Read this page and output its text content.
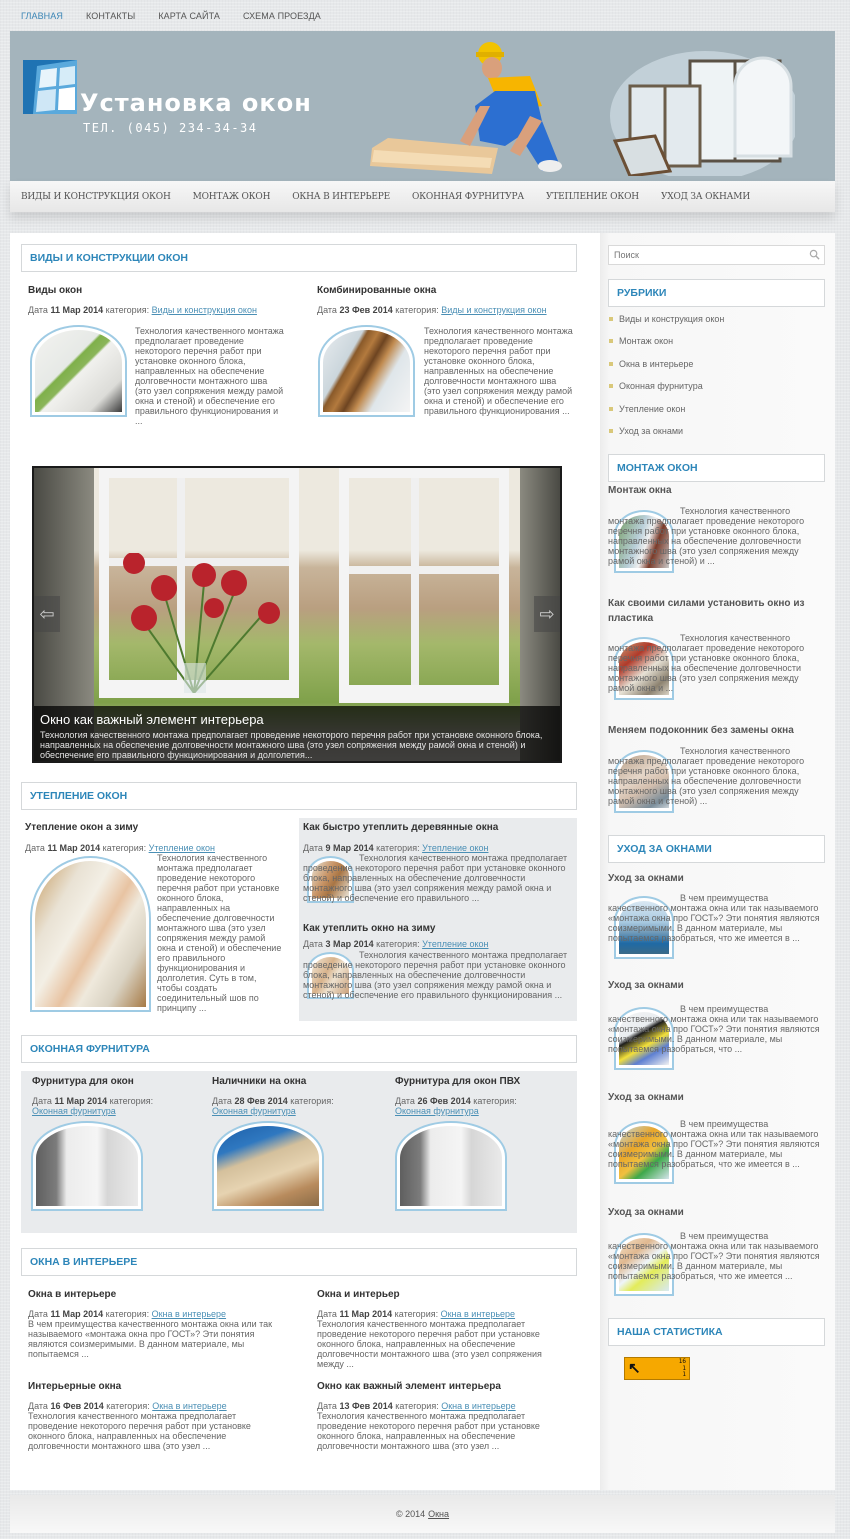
ГЛАВНАЯ	КОНТАКТЫ	КАРТА САЙТА	СХЕМА ПРОЕЗДА
Установка окон
ТЕЛ. (045) 234-34-34
ВИДЫ И КОНСТРУКЦИЯ ОКОН МОНТАЖ ОКОН ОКНА В ИНТЕРЬЕРЕ ОКОННАЯ ФУРНИТУРА УТЕПЛЕНИЕ ОКОН УХОД ЗА ОКНАМИ
ВИДЫ И КОНСТРУКЦИИ ОКОН
Виды окон
Дата 11 Мар 2014 категория: Виды и конструкция окон
Технология качественного монтажа предполагает проведение некоторого перечня работ при установке оконного блока, направленных на обеспечение долговечности монтажного шва (это узел сопряжения между рамой окна и стеной) и обеспечение его правильного функционирования и ...
Комбинированные окна
Дата 23 Фев 2014 категория: Виды и конструкция окон
Технология качественного монтажа предполагает проведение некоторого перечня работ при установке оконного блока, направленных на обеспечение долговечности монтажного шва (это узел сопряжения между рамой окна и стеной) и обеспечение его правильного функционирования ...
⇦	⇨
Окно как важный элемент интерьера
Технология качественного монтажа предполагает проведение некоторого перечня работ при установке оконного блока, направленных на обеспечение долговечности монтажного шва (это узел сопряжения между рамой окна и стеной) и обеспечение его правильного функционирования и долголетия...
УТЕПЛЕНИЕ ОКОН
Утепление окон а зиму
Дата 11 Мар 2014 категория: Утепление окон
Технология качественного монтажа предполагает проведение некоторого перечня работ при установке оконного блока, направленных на обеспечение долговечности монтажного шва (это узел сопряжения между рамой окна и стеной) и обеспечение его правильного функционирования и долголетия. Суть в том, чтобы создать соединительный шов по принципу ...
Как быстро утеплить деревянные окна
Дата 9 Мар 2014 категория: Утепление окон
Технология качественного монтажа предполагает проведение некоторого перечня работ при установке оконного блока, направленных на обеспечение долговечности монтажного шва (это узел сопряжения между рамой окна и стеной) и обеспечение его правильного ...
Как утеплить окно на зиму
Дата 3 Мар 2014 категория: Утепление окон
Технология качественного монтажа предполагает проведение некоторого перечня работ при установке оконного блока, направленных на обеспечение долговечности монтажного шва (это узел сопряжения между рамой окна и стеной) и обеспечение его правильного функционирования ...
ОКОННАЯ ФУРНИТУРА
Фурнитура для окон
Дата 11 Мар 2014 категория:
Оконная фурнитура
Наличники на окна
Дата 28 Фев 2014 категория:
Оконная фурнитура
Фурнитура для окон ПВХ
Дата 26 Фев 2014 категория:
Оконная фурнитура
ОКНА В ИНТЕРЬЕРЕ
Окна в интерьере
Дата 11 Мар 2014 категория: Окна в интерьере
В чем преимущества качественного монтажа окна или так называемого «монтажа окна про ГОСТ»? Эти понятия являются соизмеримыми. В данном материале, мы попытаемся ...
Окна и интерьер
Дата 11 Мар 2014 категория: Окна в интерьере
Технология качественного монтажа предполагает проведение некоторого перечня работ при установке оконного блока, направленных на обеспечение долговечности монтажного шва (это узел сопряжения между ...
Интерьерные окна
Дата 16 Фев 2014 категория: Окна в интерьере
Технология качественного монтажа предполагает проведение некоторого перечня работ при установке оконного блока, направленных на обеспечение долговечности монтажного шва (это узел ...
Окно как важный элемент интерьера
Дата 13 Фев 2014 категория: Окна в интерьере
Технология качественного монтажа предполагает проведение некоторого перечня работ при установке оконного блока, направленных на обеспечение долговечности монтажного шва (это узел ...
Поиск
РУБРИКИ
Виды и конструкция окон
Монтаж окон
Окна в интерьере
Оконная фурнитура
Утепление окон
Уход за окнами
МОНТАЖ ОКОН
Монтаж окна
Технология качественного монтажа предполагает проведение некоторого перечня работ при установке оконного блока, направленных на обеспечение долговечности монтажного шва (это узел сопряжения между рамой окна и стеной) и ...
Как своими силами установить окно из пластика
Технология качественного монтажа предполагает проведение некоторого перечня работ при установке оконного блока, направленных на обеспечение долговечности монтажного шва (это узел сопряжения между рамой окна и ...
Меняем подоконник без замены окна
Технология качественного монтажа предполагает проведение некоторого перечня работ при установке оконного блока, направленных на обеспечение долговечности монтажного шва (это узел сопряжения между рамой окна и стеной) ...
УХОД ЗА ОКНАМИ
Уход за окнами
В чем преимущества качественного монтажа окна или так называемого «монтажа окна про ГОСТ»? Эти понятия являются соизмеримыми. В данном материале, мы попытаемся разобраться, что же имеется в ...
Уход за окнами
В чем преимущества качественного монтажа окна или так называемого «монтажа окна про ГОСТ»? Эти понятия являются соизмеримыми. В данном материале, мы попытаемся разобраться, что ...
Уход за окнами
В чем преимущества качественного монтажа окна или так называемого «монтажа окна про ГОСТ»? Эти понятия являются соизмеримыми. В данном материале, мы попытаемся разобраться, что же имеется в ...
Уход за окнами
В чем преимущества качественного монтажа окна или так называемого «монтажа окна про ГОСТ»? Эти понятия являются соизмеримыми. В данном материале, мы попытаемся разобраться, что же имеется ...
НАША СТАТИСТИКА
↖	16
1
1
© 2014 Окна
